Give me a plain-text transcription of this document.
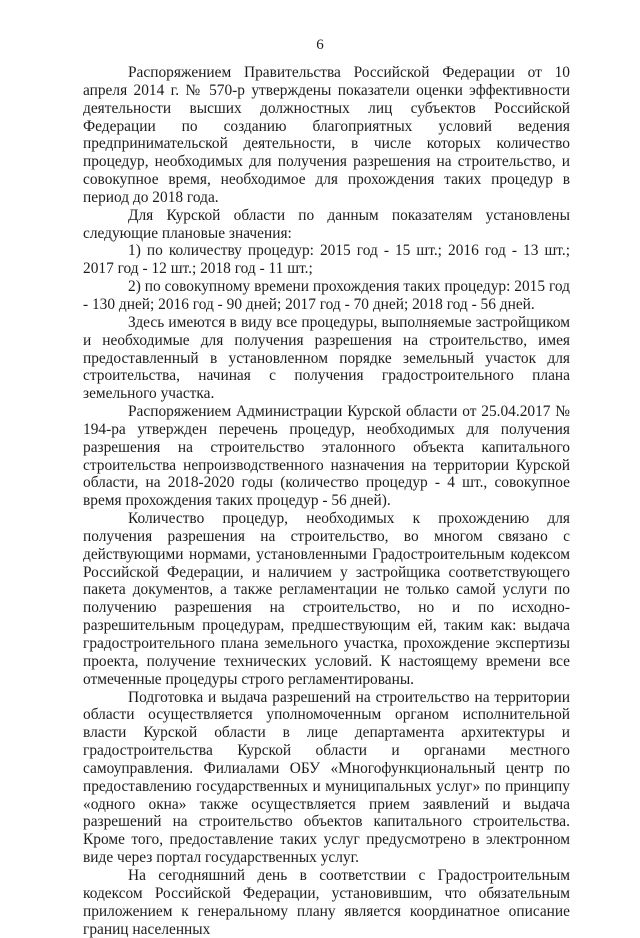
6

Распоряжением Правительства Российской Федерации от 10 апреля 2014 г. № 570-р утверждены показатели оценки эффективности деятельности высших должностных лиц субъектов Российской Федерации по созданию благоприятных условий ведения предпринимательской деятельности, в числе которых количество процедур, необходимых для получения разрешения на строительство, и совокупное время, необходимое для прохождения таких процедур в период до 2018 года.

Для Курской области по данным показателям установлены следующие плановые значения:

1) по количеству процедур: 2015 год - 15 шт.; 2016 год - 13 шт.; 2017 год - 12 шт.; 2018 год - 11 шт.;

2) по совокупному времени прохождения таких процедур: 2015 год - 130 дней; 2016 год - 90 дней; 2017 год - 70 дней; 2018 год - 56 дней.

Здесь имеются в виду все процедуры, выполняемые застройщиком и необходимые для получения разрешения на строительство, имея предоставленный в установленном порядке земельный участок для строительства, начиная с получения градостроительного плана земельного участка.

Распоряжением Администрации Курской области от 25.04.2017 № 194-ра утвержден перечень процедур, необходимых для получения разрешения на строительство эталонного объекта капитального строительства непроизводственного назначения на территории Курской области, на 2018-2020 годы (количество процедур - 4 шт., совокупное время прохождения таких процедур - 56 дней).

Количество процедур, необходимых к прохождению для получения разрешения на строительство, во многом связано с действующими нормами, установленными Градостроительным кодексом Российской Федерации, и наличием у застройщика соответствующего пакета документов, а также регламентации не только самой услуги по получению разрешения на строительство, но и по исходно-разрешительным процедурам, предшествующим ей, таким как: выдача градостроительного плана земельного участка, прохождение экспертизы проекта, получение технических условий. К настоящему времени все отмеченные процедуры строго регламентированы.

Подготовка и выдача разрешений на строительство на территории области осуществляется уполномоченным органом исполнительной власти Курской области в лице департамента архитектуры и градостроительства Курской области и органами местного самоуправления. Филиалами ОБУ «Многофункциональный центр по предоставлению государственных и муниципальных услуг» по принципу «одного окна» также осуществляется прием заявлений и выдача разрешений на строительство объектов капитального строительства. Кроме того, предоставление таких услуг предусмотрено в электронном виде через портал государственных услуг.

На сегодняшний день в соответствии с Градостроительным кодексом Российской Федерации, установившим, что обязательным приложением к генеральному плану является координатное описание границ населенных
